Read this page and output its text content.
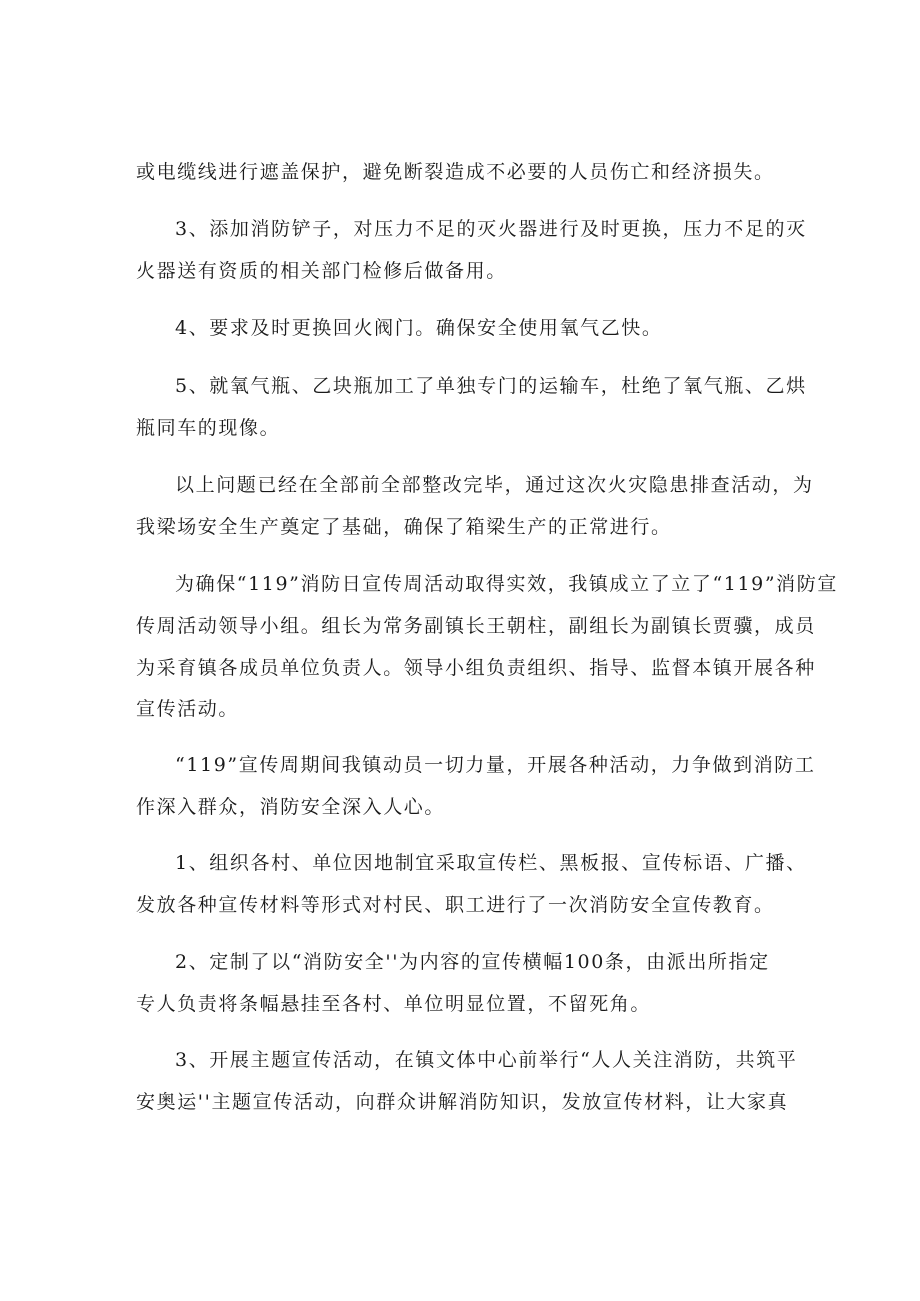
或电缆线进行遮盖保护，避免断裂造成不必要的人员伤亡和经济损失。
3、添加消防铲子，对压力不足的灭火器进行及时更换，压力不足的灭
火器送有资质的相关部门检修后做备用。
4、要求及时更换回火阀门。确保安全使用氧气乙快。
5、就氧气瓶、乙块瓶加工了单独专门的运输车，杜绝了氧气瓶、乙烘
瓶同车的现像。
以上问题已经在全部前全部整改完毕，通过这次火灾隐患排查活动，为
我梁场安全生产奠定了基础，确保了箱梁生产的正常进行。
为确保“119”消防日宣传周活动取得实效，我镇成立了立了“119”消防宣
传周活动领导小组。组长为常务副镇长王朝柱，副组长为副镇长贾骥，成员
为采育镇各成员单位负责人。领导小组负责组织、指导、监督本镇开展各种
宣传活动。
“119”宣传周期间我镇动员一切力量，开展各种活动，力争做到消防工
作深入群众，消防安全深入人心。
1、组织各村、单位因地制宜采取宣传栏、黑板报、宣传标语、广播、
发放各种宣传材料等形式对村民、职工进行了一次消防安全宣传教育。
2、定制了以“消防安全''为内容的宣传横幅100条，由派出所指定
专人负责将条幅悬挂至各村、单位明显位置，不留死角。
3、开展主题宣传活动，在镇文体中心前举行“人人关注消防，共筑平
安奥运''主题宣传活动，向群众讲解消防知识，发放宣传材料，让大家真
